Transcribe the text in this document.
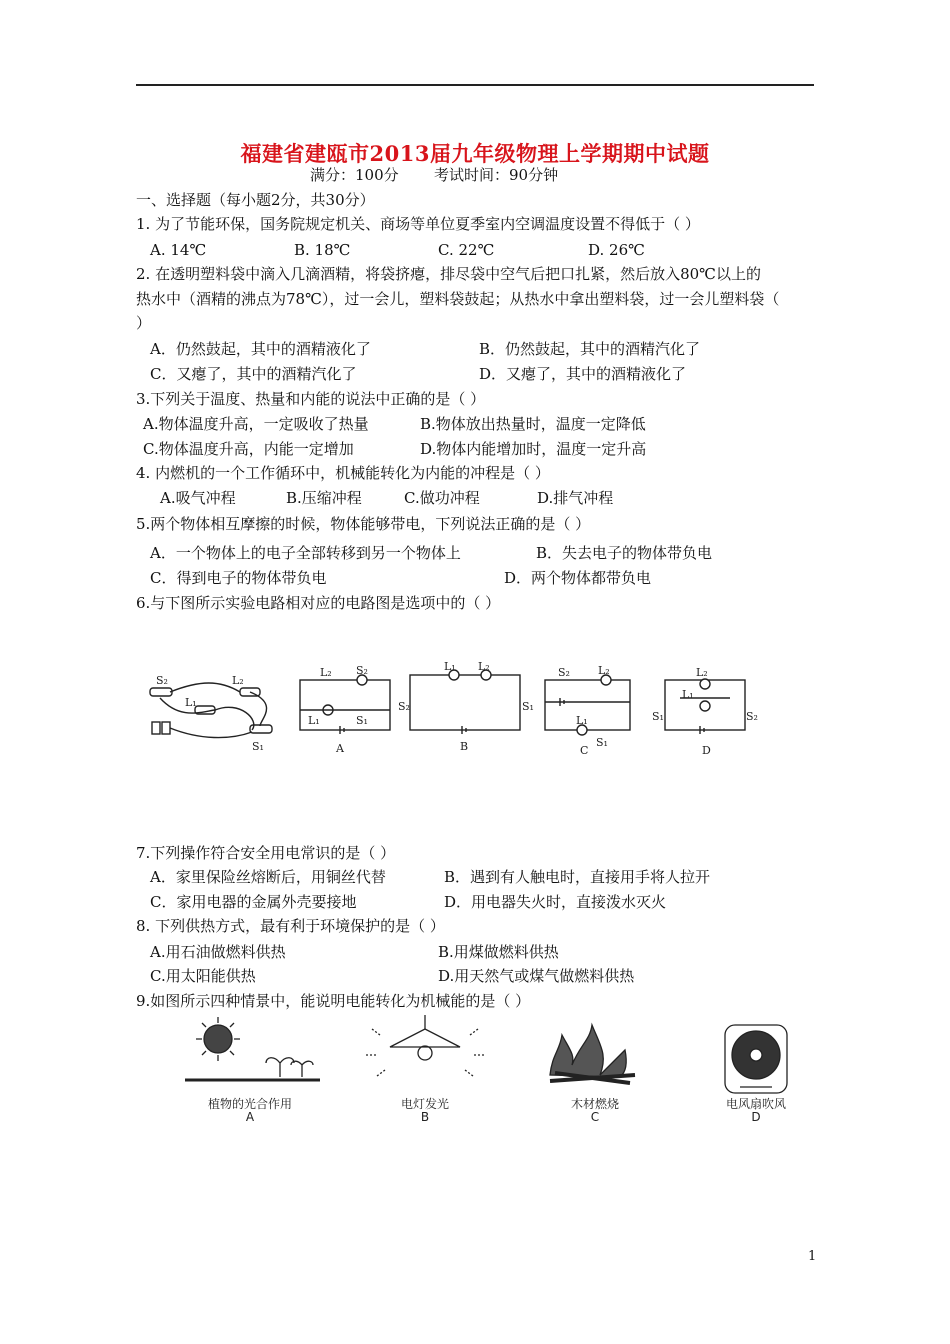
福建省建瓯市2013届九年级物理上学期期中试题
满分：100分 考试时间：90分钟
一、选择题（每小题2分，共30分）
1. 为了节能环保，国务院规定机关、商场等单位夏季室内空调温度设置不得低于（ ）
A. 14℃	B. 18℃	C. 22℃	D. 26℃
2. 在透明塑料袋中滴入几滴酒精，将袋挤瘪，排尽袋中空气后把口扎紧，然后放入80℃以上的
热水中（酒精的沸点为78℃），过一会儿，塑料袋鼓起；从热水中拿出塑料袋，过一会儿塑料袋（
）
A．仍然鼓起，其中的酒精液化了	B．仍然鼓起，其中的酒精汽化了
C．又瘪了，其中的酒精汽化了	D．又瘪了，其中的酒精液化了
3.下列关于温度、热量和内能的说法中正确的是（ ）
A.物体温度升高，一定吸收了热量	B.物体放出热量时，温度一定降低
C.物体温度升高，内能一定增加	D.物体内能增加时，温度一定升高
4. 内燃机的一个工作循环中，机械能转化为内能的冲程是（ ）
A.吸气冲程	B.压缩冲程	C.做功冲程	D.排气冲程
5.两个物体相互摩擦的时候，物体能够带电，下列说法正确的是（ ）
A．一个物体上的电子全部转移到另一个物体上	B．失去电子的物体带负电
C．得到电子的物体带负电	D．两个物体都带负电
6.与下图所示实验电路相对应的电路图是选项中的（ ）
S₂	L₂
L₁
S₁
L₂ S₂
L₁	S₁
A
L₁ L₂
S₂	S₁
B
S₂	L₂
L₁
S₁
C
L₂
L₁
S₁	S₂
D
7.下列操作符合安全用电常识的是（ ）
A．家里保险丝熔断后，用铜丝代替	B．遇到有人触电时，直接用手将人拉开
C．家用电器的金属外壳要接地	D．用电器失火时，直接泼水灭火
8. 下列供热方式，最有利于环境保护的是（ ）
A.用石油做燃料供热	B.用煤做燃料供热
C.用太阳能供热	D.用天然气或煤气做燃料供热
9.如图所示四种情景中，能说明电能转化为机械能的是（ ）
植物的光合作用
A
电灯发光
B
木材燃烧
C
电风扇吹风
D
1
